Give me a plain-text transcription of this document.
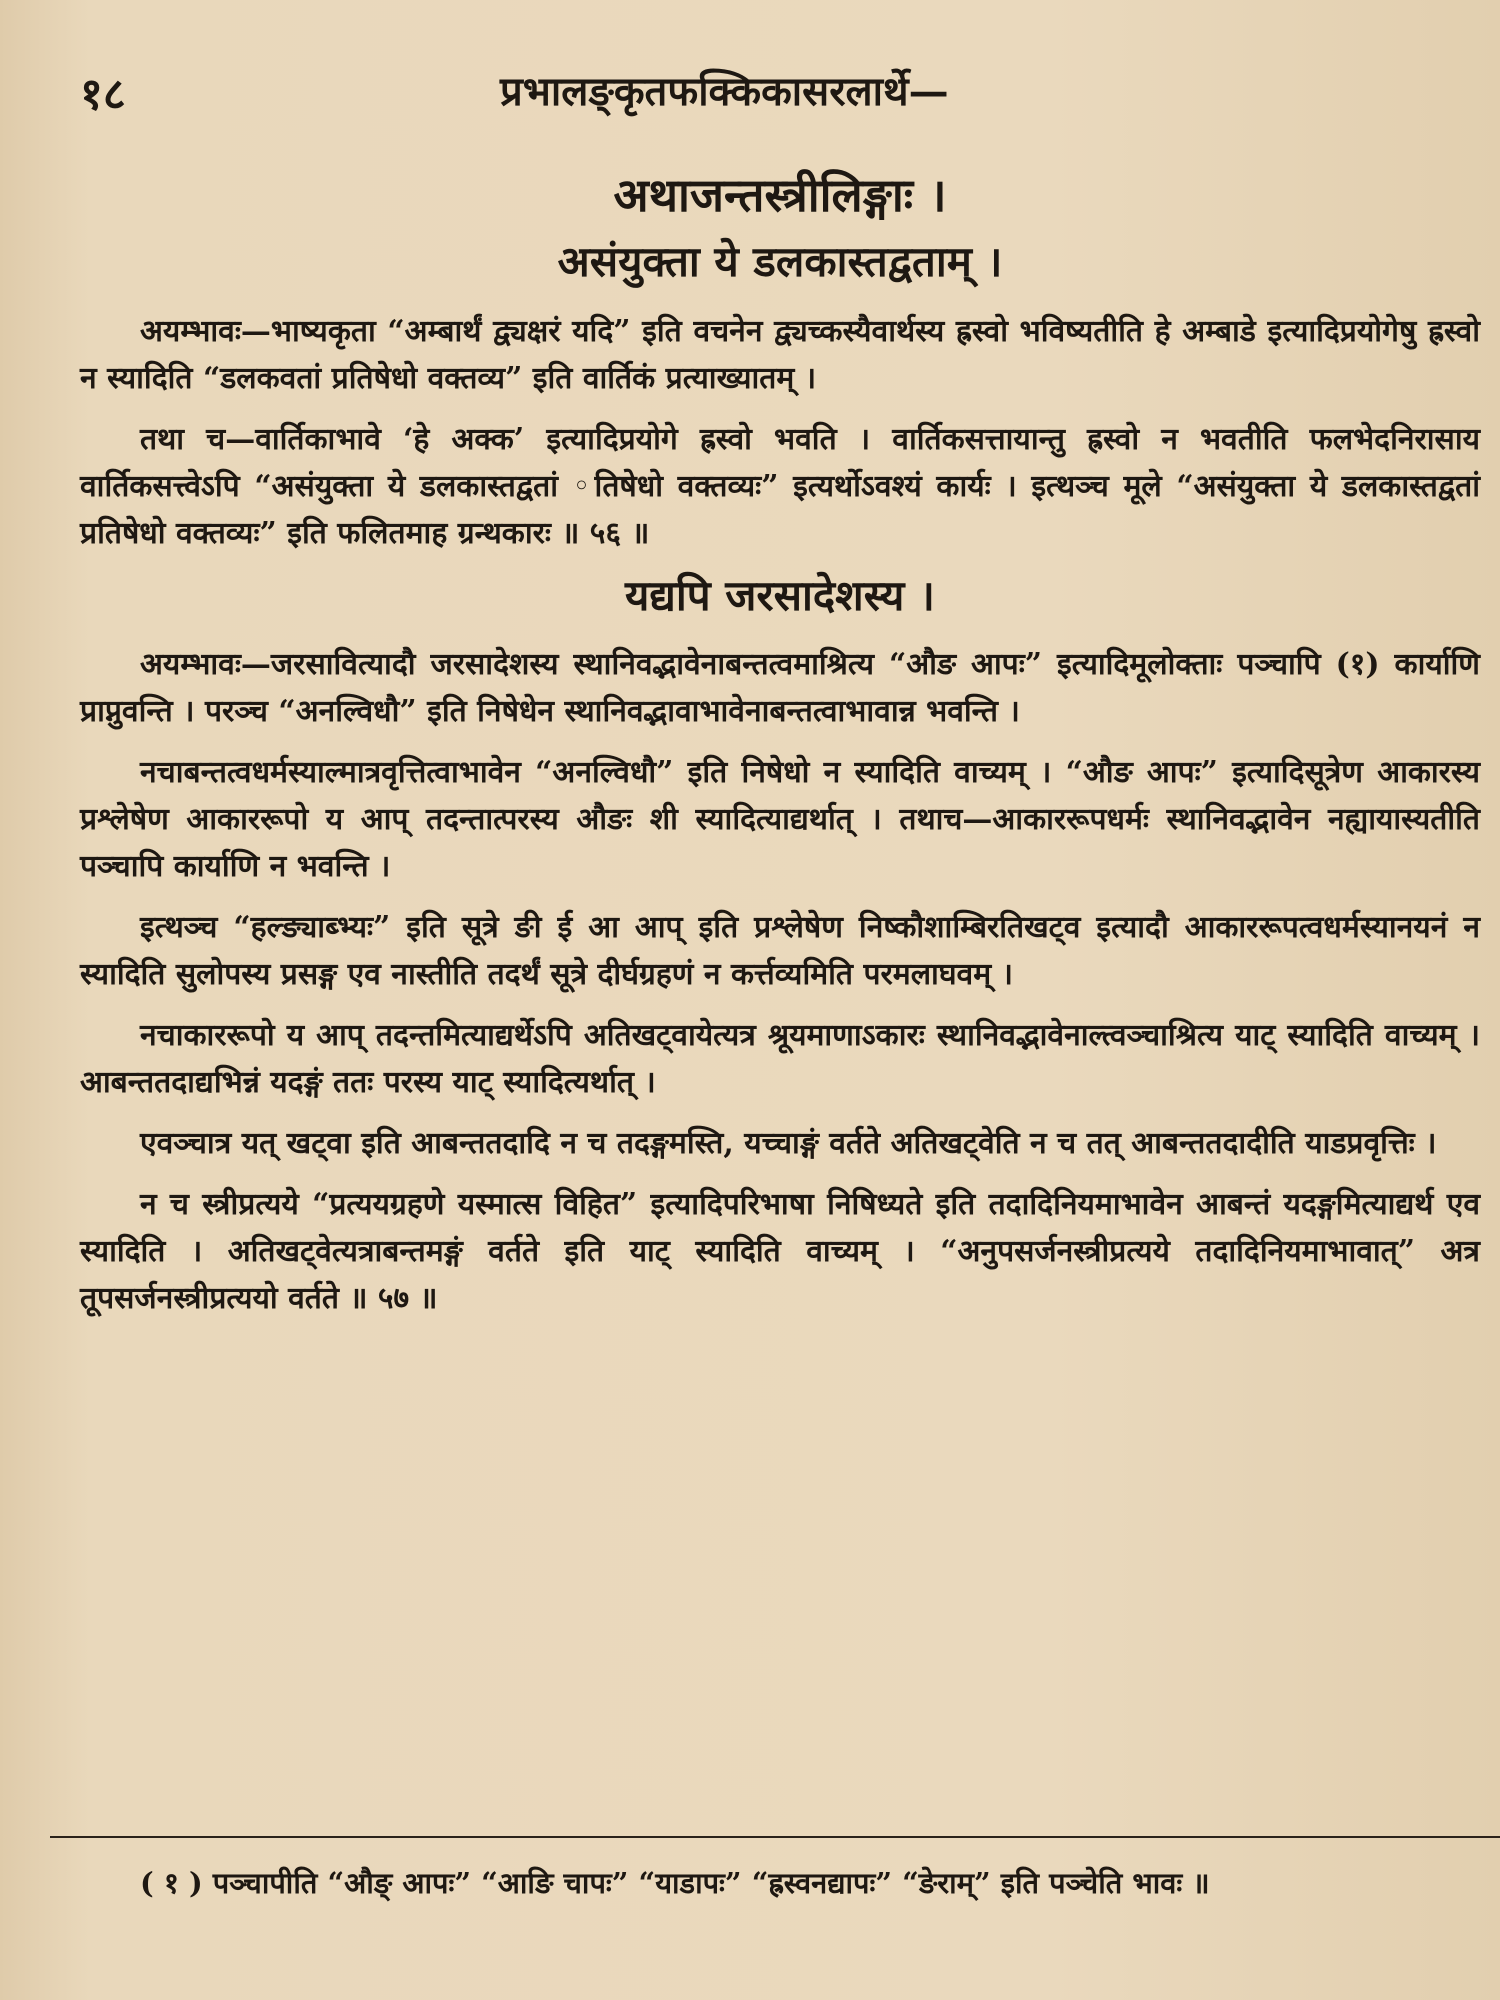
१८	प्रभालङ्कृतफक्किकासरलार्थे—
अथाजन्तस्त्रीलिङ्गाः ।
असंयुक्ता ये डलकास्तद्वताम् ।

अयम्भावः—भाष्यकृता “अम्बार्थं द्व्यक्षरं यदि” इति वचनेन द्व्यच्कस्यैवार्थस्य ह्रस्वो भविष्यतीति हे अम्बाडे इत्यादिप्रयोगेषु ह्रस्वो न स्यादिति “डलकवतां प्रतिषेधो वक्तव्य” इति वार्तिकं प्रत्याख्यातम् ।

तथा च—वार्तिकाभावे ‘हे अक्क’ इत्यादिप्रयोगे ह्रस्वो भवति । वार्तिकसत्तायान्तु ह्रस्वो न भवतीति फलभेदनिरासाय वार्तिकसत्त्वेऽपि “असंयुक्ता ये डलकास्तद्वतां ◦तिषेधो वक्तव्यः” इत्यर्थोऽवश्यं कार्यः । इत्थञ्च मूले “असंयुक्ता ये डलकास्तद्वतां प्रतिषेधो वक्तव्यः” इति फलितमाह ग्रन्थकारः ॥ ५६ ॥

यद्यपि जरसादेशस्य ।

अयम्भावः—जरसावित्यादौ जरसादेशस्य स्थानिवद्भावेनाबन्तत्वमाश्रित्य “औङ आपः” इत्यादिमूलोक्ताः पञ्चापि (१) कार्याणि प्राप्नुवन्ति । परञ्च “अनल्विधौ” इति निषेधेन स्थानिवद्भावाभावेनाबन्तत्वाभावान्न भवन्ति ।

नचाबन्तत्वधर्मस्याल्मात्रवृत्तित्वाभावेन “अनल्विधौ” इति निषेधो न स्यादिति वाच्यम् । “औङ आपः” इत्यादिसूत्रेण आकारस्य प्रश्लेषेण आकाररूपो य आप् तदन्तात्परस्य औङः शी स्यादित्याद्यर्थात् । तथाच—आकाररूपधर्मः स्थानिवद्भावेन नह्यायास्यतीति पञ्चापि कार्याणि न भवन्ति ।

इत्थञ्च “हल्ङ्याब्भ्यः” इति सूत्रे ङी ई आ आप् इति प्रश्लेषेण निष्कौशाम्बिरतिखट्व इत्यादौ आकाररूपत्वधर्मस्यानयनं न स्यादिति सुलोपस्य प्रसङ्ग एव नास्तीति तदर्थं सूत्रे दीर्घग्रहणं न कर्त्तव्यमिति परमलाघवम् ।

नचाकाररूपो य आप् तदन्तमित्याद्यर्थेऽपि अतिखट्वायेत्यत्र श्रूयमाणाऽकारः स्थानिवद्भावेनाल्त्वञ्चाश्रित्य याट् स्यादिति वाच्यम् । आबन्ततदाद्यभिन्नं यदङ्गं ततः परस्य याट् स्यादित्यर्थात् ।

एवञ्चात्र यत् खट्वा इति आबन्ततदादि न च तदङ्गमस्ति, यच्चाङ्गं वर्तते अतिखट्वेति न च तत् आबन्ततदादीति याडप्रवृत्तिः ।

न च स्त्रीप्रत्यये “प्रत्ययग्रहणे यस्मात्स विहित” इत्यादिपरिभाषा निषिध्यते इति तदादिनियमाभावेन आबन्तं यदङ्गमित्याद्यर्थ एव स्यादिति । अतिखट्वेत्यत्राबन्तमङ्गं वर्तते इति याट् स्यादिति वाच्यम् । “अनुपसर्जनस्त्रीप्रत्यये तदादिनियमाभावात्” अत्र तूपसर्जनस्त्रीप्रत्ययो वर्तते ॥ ५७ ॥

( १ ) पञ्चापीति “औङ् आपः” “आङि चापः” “याडापः” “ह्रस्वनद्यापः” “ङेराम्” इति पञ्चेति भावः ॥
